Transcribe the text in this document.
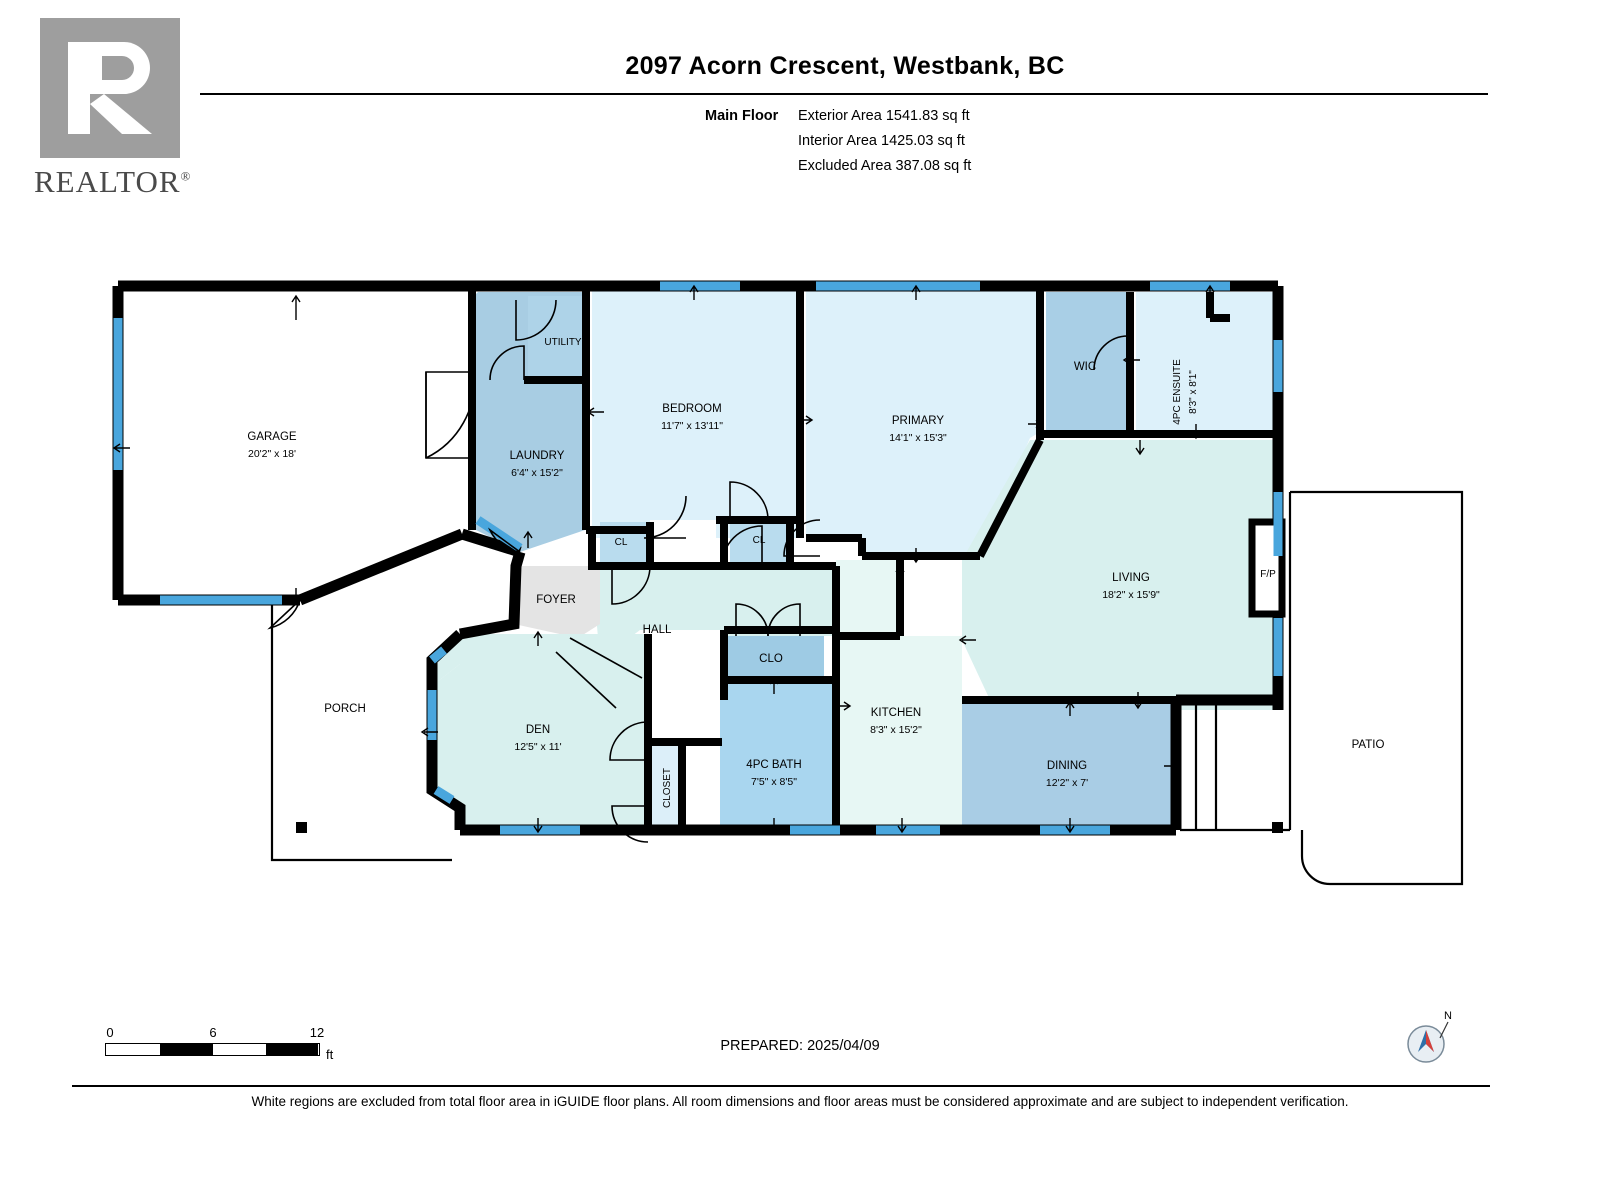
REALTOR®
2097 Acorn Crescent, Westbank, BC
Main Floor Exterior Area 1541.83 sq ft
Interior Area 1425.03 sq ft
Excluded Area 387.08 sq ft
GARAGE
20'2" x 18'
PORCH
PATIO
UTILITY
LAUNDRY
6'4" x 15'2"
BEDROOM
11'7" x 13'11"	PRIMARY
14'1" x 15'3"
WIC	4PC ENSUITE 8'3" x 8'1"
LIVING
18'2" x 15'9"
F/P
CL	CL
FOYER
HALL
CLO
DEN
12'5" x 11'
CLOSET
4PC BATH
7'5" x 8'5"
KITCHEN
8'3" x 15'2"
DINING
12'2" x 7'
0	6	12
ft
PREPARED: 2025/04/09
N
White regions are excluded from total floor area in iGUIDE floor plans. All room dimensions and floor areas must be considered approximate and are subject to independent verification.
